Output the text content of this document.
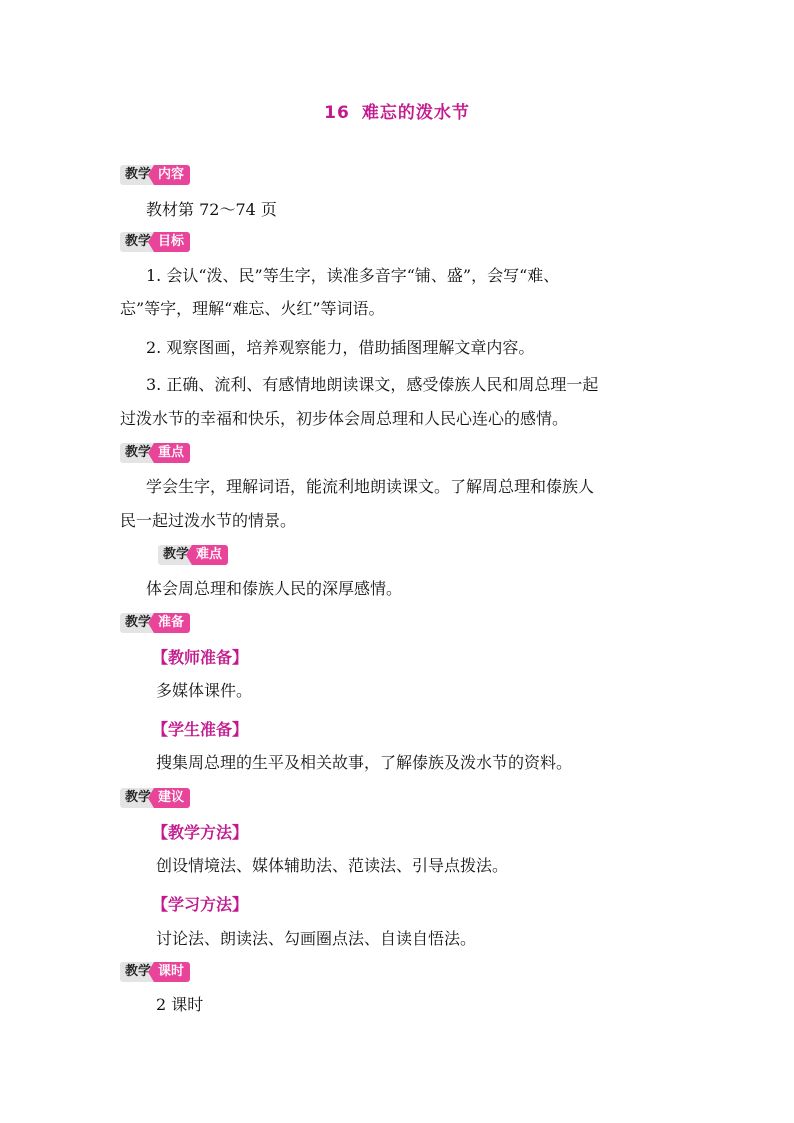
16 难忘的泼水节
教学 内容
教材第 72～74 页
教学 目标
1. 会认“泼、民”等生字，读准多音字“铺、盛”，会写“难、
忘”等字，理解“难忘、火红”等词语。
2. 观察图画，培养观察能力，借助插图理解文章内容。
3. 正确、流利、有感情地朗读课文，感受傣族人民和周总理一起
过泼水节的幸福和快乐，初步体会周总理和人民心连心的感情。
教学 重点
学会生字，理解词语，能流利地朗读课文。了解周总理和傣族人
民一起过泼水节的情景。
教学 难点
体会周总理和傣族人民的深厚感情。
教学 准备
【教师准备】
多媒体课件。
【学生准备】
搜集周总理的生平及相关故事，了解傣族及泼水节的资料。
教学 建议
【教学方法】
创设情境法、媒体辅助法、范读法、引导点拨法。
【学习方法】
讨论法、朗读法、勾画圈点法、自读自悟法。
教学 课时
2 课时
